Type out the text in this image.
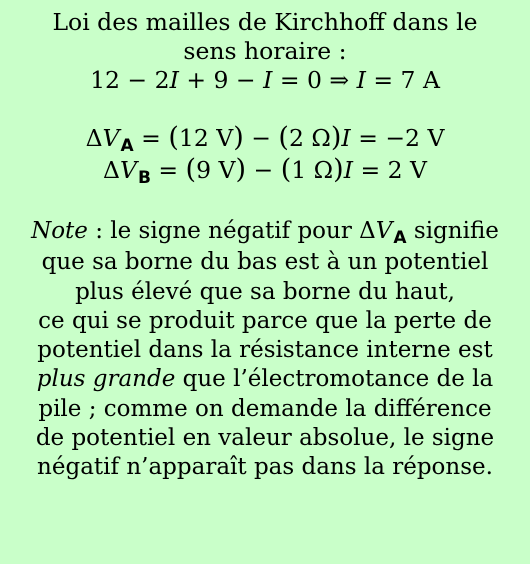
Loi des mailles de Kirchhoff dans le
sens horaire :
12 − 2I + 9 − I = 0 ⇒ I = 7 A
$\Delta V_A = (12$ V) − (2 Ω)I = −2 V
$\Delta V_B = (9$ V) − (1 Ω)I = 2 V
Note : le signe négatif pour $\Delta V_A$ signifie
que sa borne du bas est à un potentiel
plus élevé que sa borne du haut,
ce qui se produit parce que la perte de
potentiel dans la résistance interne est
plus grande que l’électromotance de la
pile ; comme on demande la différence
de potentiel en valeur absolue, le signe
négatif n’apparaît pas dans la réponse.
